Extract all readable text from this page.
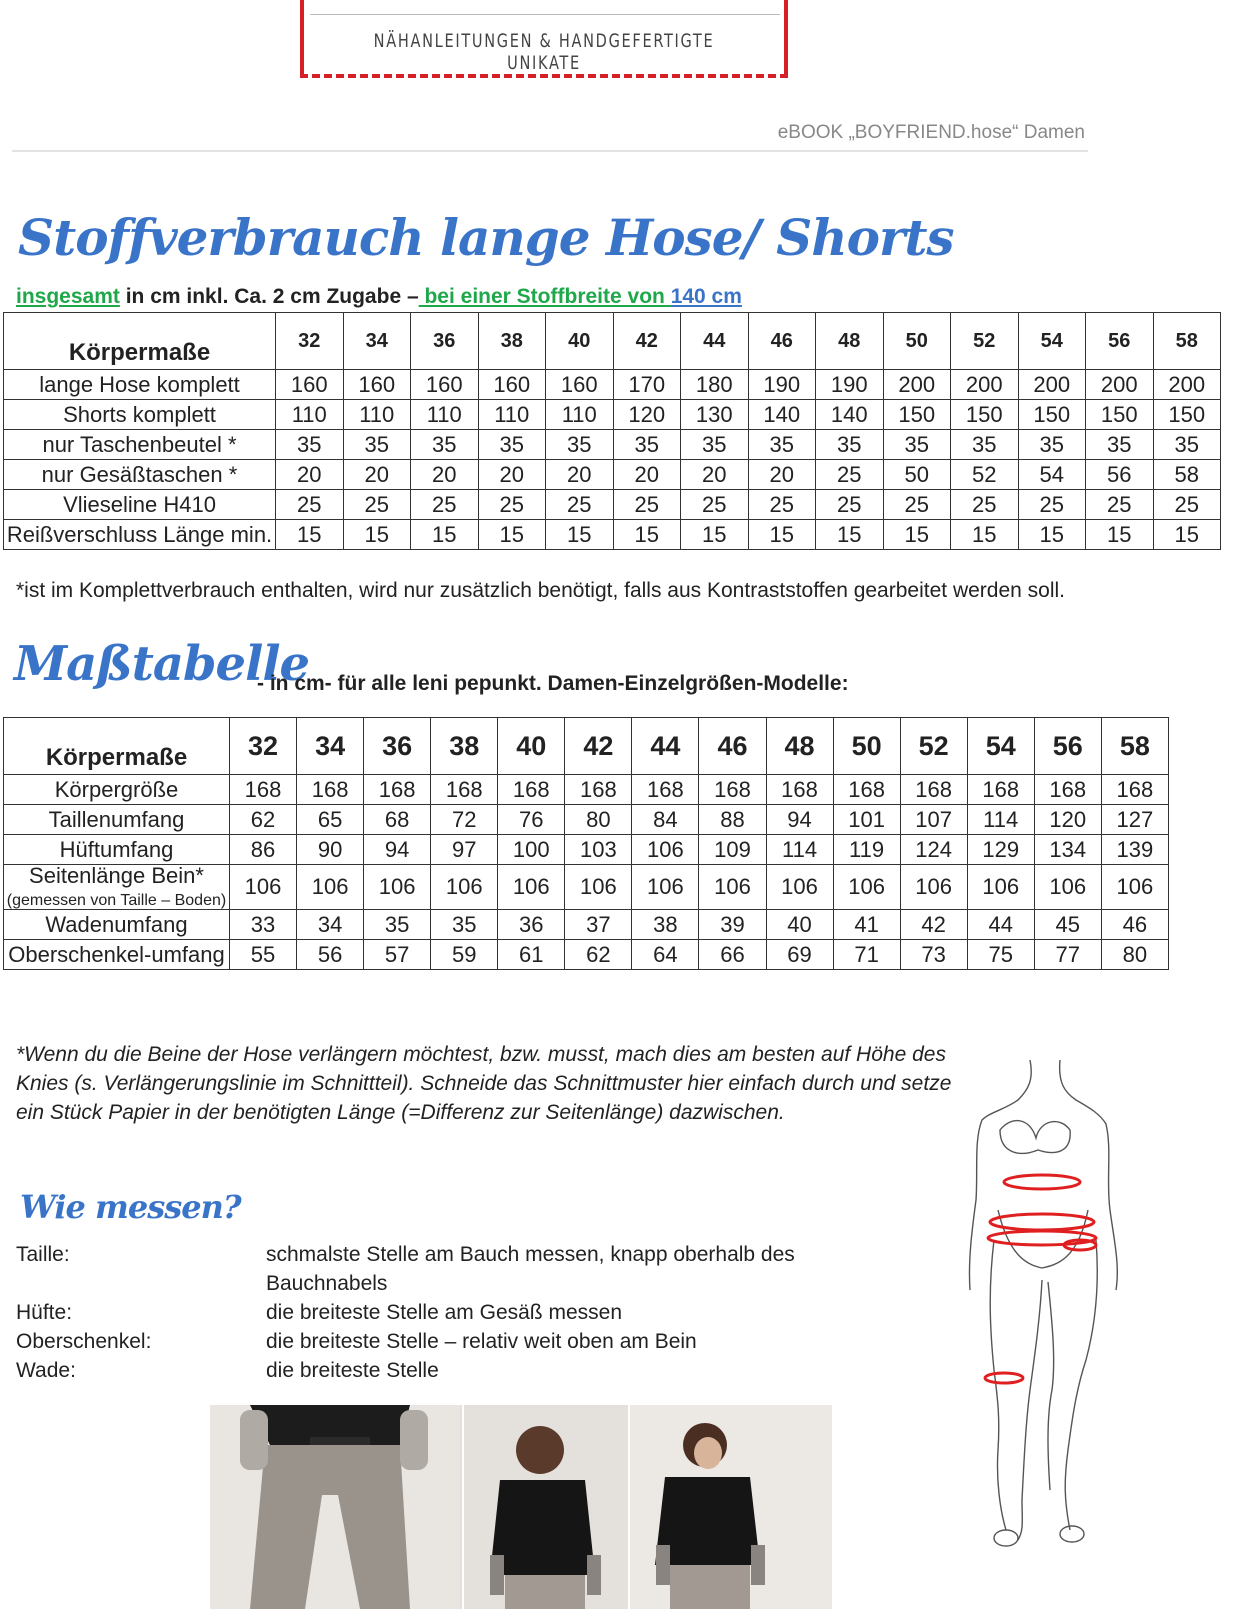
NÄHANLEITUNGEN & HANDGEFERTIGTE UNIKATE
eBOOK „BOYFRIEND.hose“ Damen
Stoffverbrauch lange Hose/ Shorts
insgesamt in cm inkl. Ca. 2 cm Zugabe – bei einer Stoffbreite von 140 cm
Körpermaße	32	34	36	38	40	42	44	46	48	50	52	54	56	58
lange Hose komplett	160	160	160	160	160	170	180	190	190	200	200	200	200	200
Shorts komplett	110	110	110	110	110	120	130	140	140	150	150	150	150	150
nur Taschenbeutel *	35	35	35	35	35	35	35	35	35	35	35	35	35	35
nur Gesäßtaschen *	20	20	20	20	20	20	20	20	25	50	52	54	56	58
Vlieseline H410	25	25	25	25	25	25	25	25	25	25	25	25	25	25
Reißverschluss Länge min.	15	15	15	15	15	15	15	15	15	15	15	15	15	15
*ist im Komplettverbrauch enthalten, wird nur zusätzlich benötigt, falls aus Kontraststoffen gearbeitet werden soll.
Maßtabelle
- in cm- für alle leni pepunkt. Damen-Einzelgrößen-Modelle:
Körpermaße	32	34	36	38	40	42	44	46	48	50	52	54	56	58
Körpergröße	168	168	168	168	168	168	168	168	168	168	168	168	168	168
Taillenumfang	62	65	68	72	76	80	84	88	94	101	107	114	120	127
Hüftumfang	86	90	94	97	100	103	106	109	114	119	124	129	134	139
Seitenlänge Bein*
(gemessen von Taille – Boden)	106	106	106	106	106	106	106	106	106	106	106	106	106	106
Wadenumfang	33	34	35	35	36	37	38	39	40	41	42	44	45	46
Oberschenkel-umfang	55	56	57	59	61	62	64	66	69	71	73	75	77	80
*Wenn du die Beine der Hose verlängern möchtest, bzw. musst, mach dies am besten auf Höhe des Knies (s. Verlängerungslinie im Schnittteil). Schneide das Schnittmuster hier einfach durch und setze ein Stück Papier in der benötigten Länge (=Differenz zur Seitenlänge) dazwischen.
Wie messen?
Taille:	schmalste Stelle am Bauch messen, knapp oberhalb des Bauchnabels
Hüfte:	die breiteste Stelle am Gesäß messen
Oberschenkel:	die breiteste Stelle – relativ weit oben am Bein
Wade:	die breiteste Stelle
